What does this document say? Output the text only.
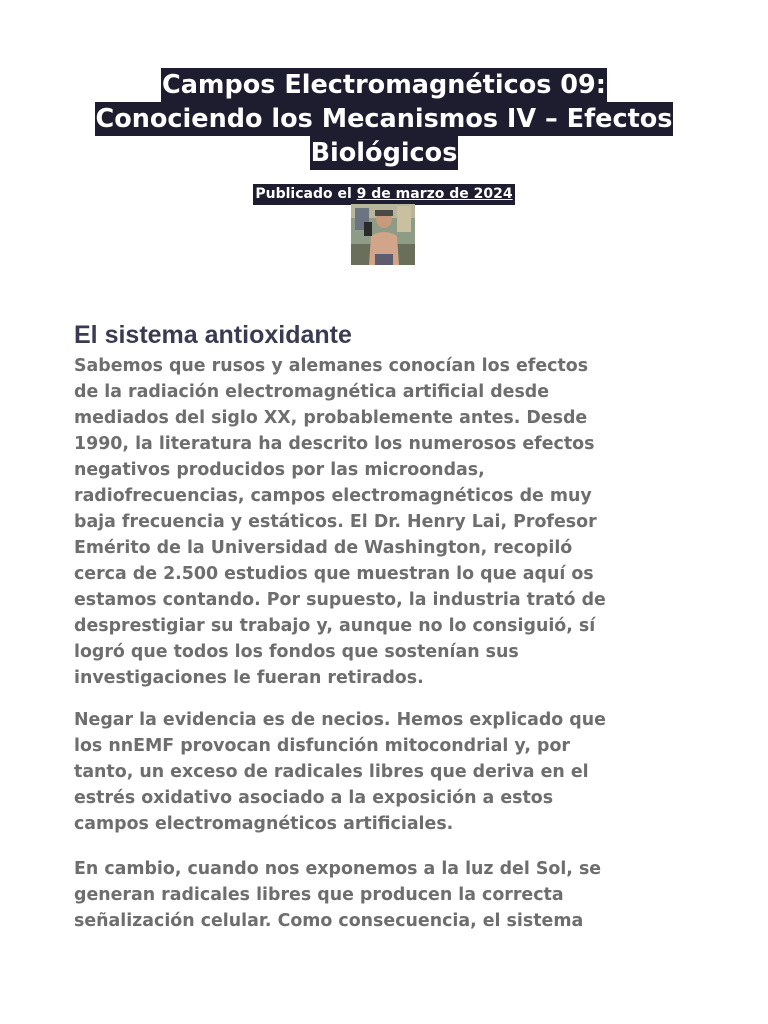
Campos Electromagnéticos 09:
Conociendo los Mecanismos IV – Efectos
Biológicos
Publicado el 9 de marzo de 2024
El sistema antioxidante

Sabemos que rusos y alemanes conocían los efectos
de la radiación electromagnética artificial desde
mediados del siglo XX, probablemente antes. Desde
1990, la literatura ha descrito los numerosos efectos
negativos producidos por las microondas,
radiofrecuencias, campos electromagnéticos de muy
baja frecuencia y estáticos. El Dr. Henry Lai, Profesor
Emérito de la Universidad de Washington, recopiló
cerca de 2.500 estudios que muestran lo que aquí os
estamos contando. Por supuesto, la industria trató de
desprestigiar su trabajo y, aunque no lo consiguió, sí
logró que todos los fondos que sostenían sus
investigaciones le fueran retirados.

Negar la evidencia es de necios. Hemos explicado que
los nnEMF provocan disfunción mitocondrial y, por
tanto, un exceso de radicales libres que deriva en el
estrés oxidativo asociado a la exposición a estos
campos electromagnéticos artificiales.

En cambio, cuando nos exponemos a la luz del Sol, se
generan radicales libres que producen la correcta
señalización celular. Como consecuencia, el sistema
